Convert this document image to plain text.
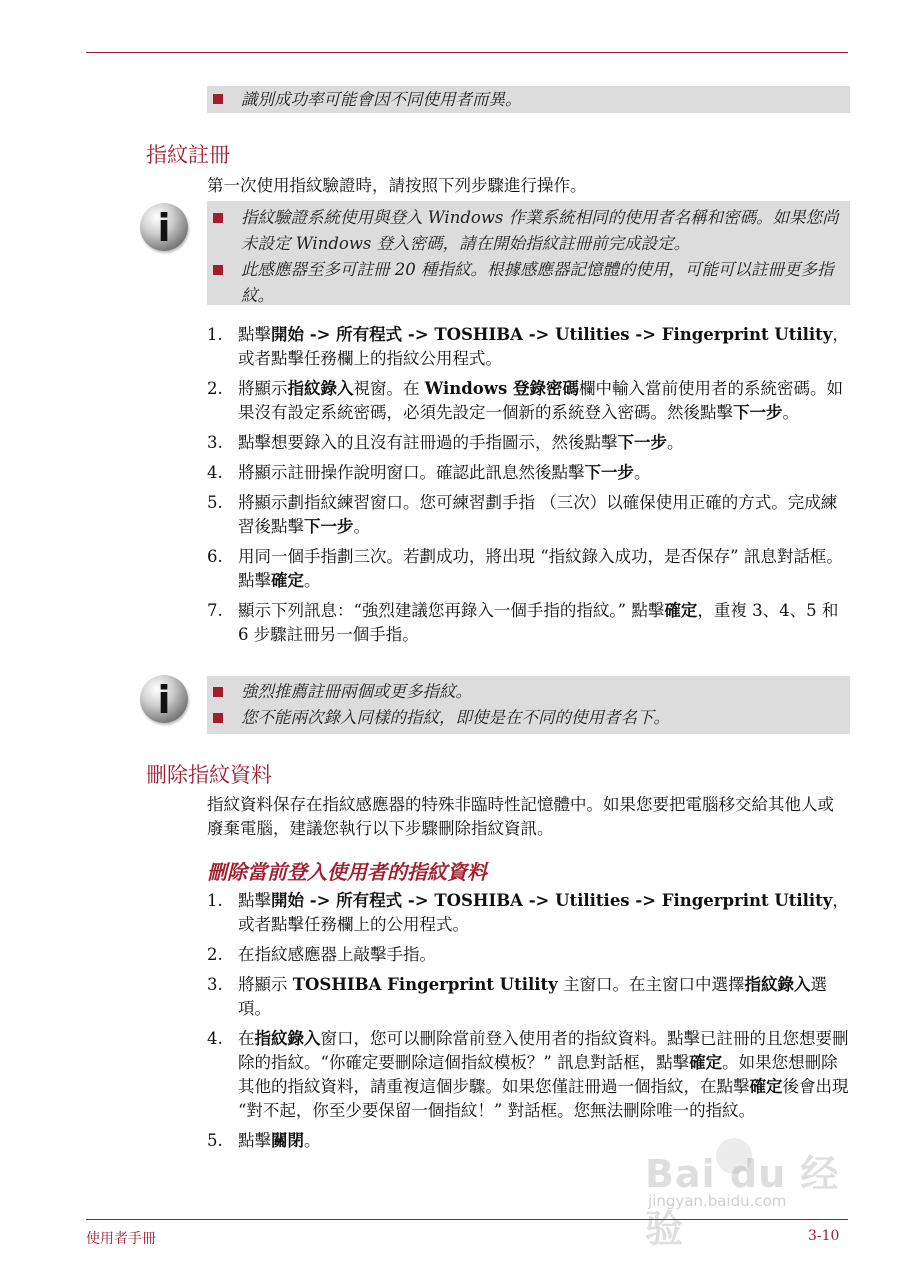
識別成功率可能會因不同使用者而異。
指紋註冊
第一次使用指紋驗證時，請按照下列步驟進行操作。
i	指紋驗證系統使用與登入 Windows 作業系統相同的使用者名稱和密碼。如果您尚未設定 Windows 登入密碼，請在開始指紋註冊前完成設定。
此感應器至多可註冊 20 種指紋。根據感應器記憶體的使用，可能可以註冊更多指紋。
1. 點擊開始 -> 所有程式 -> TOSHIBA -> Utilities -> Fingerprint Utility，或者點擊任務欄上的指紋公用程式。
2. 將顯示指紋錄入視窗。在 Windows 登錄密碼欄中輸入當前使用者的系統密碼。如果沒有設定系統密碼，必須先設定一個新的系統登入密碼。然後點擊下一步。
3. 點擊想要錄入的且沒有註冊過的手指圖示，然後點擊下一步。
4. 將顯示註冊操作說明窗口。確認此訊息然後點擊下一步。
5. 將顯示劃指紋練習窗口。您可練習劃手指 （三次）以確保使用正確的方式。完成練習後點擊下一步。
6. 用同一個手指劃三次。若劃成功，將出現 “指紋錄入成功，是否保存” 訊息對話框。點擊確定。
7. 顯示下列訊息：“強烈建議您再錄入一個手指的指紋。” 點擊確定，重複 3、4、5 和 6 步驟註冊另一個手指。
i	強烈推薦註冊兩個或更多指紋。
您不能兩次錄入同樣的指紋，即使是在不同的使用者名下。
刪除指紋資料
指紋資料保存在指紋感應器的特殊非臨時性記憶體中。如果您要把電腦移交給其他人或廢棄電腦，建議您執行以下步驟刪除指紋資訊。
刪除當前登入使用者的指紋資料
1. 點擊開始 -> 所有程式 -> TOSHIBA -> Utilities -> Fingerprint Utility，或者點擊任務欄上的公用程式。
2. 在指紋感應器上敲擊手指。
3. 將顯示 TOSHIBA Fingerprint Utility 主窗口。在主窗口中選擇指紋錄入選項。
4. 在指紋錄入窗口，您可以刪除當前登入使用者的指紋資料。點擊已註冊的且您想要刪除的指紋。“你確定要刪除這個指紋模板？” 訊息對話框，點擊確定。如果您想刪除其他的指紋資料，請重複這個步驟。如果您僅註冊過一個指紋，在點擊確定後會出現 “對不起，你至少要保留一個指紋！” 對話框。您無法刪除唯一的指紋。
5. 點擊關閉。
Bai du 经验
jingyan.baidu.com
使用者手冊	3-10
